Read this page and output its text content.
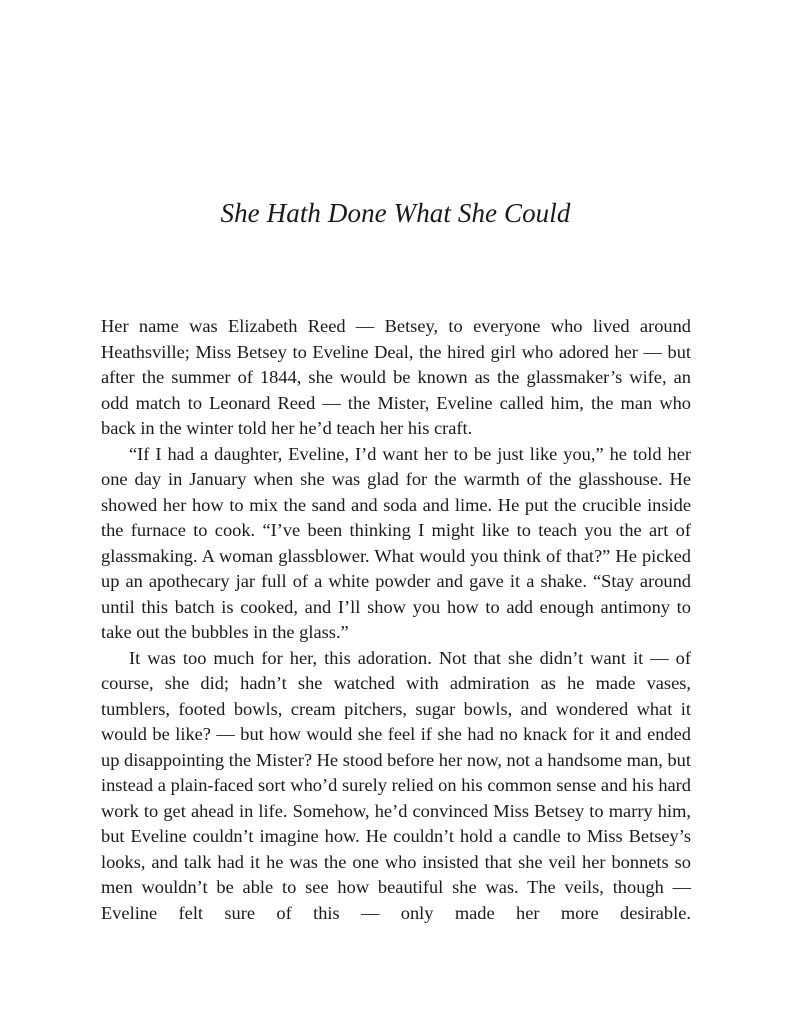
She Hath Done What She Could

Her name was Elizabeth Reed — Betsey, to everyone who lived around Heathsville; Miss Betsey to Eveline Deal, the hired girl who adored her — but after the summer of 1844, she would be known as the glassmaker’s wife, an odd match to Leonard Reed — the Mister, Eveline called him, the man who back in the winter told her he’d teach her his craft.

“If I had a daughter, Eveline, I’d want her to be just like you,” he told her one day in January when she was glad for the warmth of the glasshouse. He showed her how to mix the sand and soda and lime. He put the crucible inside the furnace to cook. “I’ve been thinking I might like to teach you the art of glassmaking. A woman glassblower. What would you think of that?” He picked up an apothecary jar full of a white powder and gave it a shake. “Stay around until this batch is cooked, and I’ll show you how to add enough antimony to take out the bubbles in the glass.”

It was too much for her, this adoration. Not that she didn’t want it — of course, she did; hadn’t she watched with admiration as he made vases, tumblers, footed bowls, cream pitchers, sugar bowls, and wondered what it would be like? — but how would she feel if she had no knack for it and ended up disappointing the Mister? He stood before her now, not a handsome man, but instead a plain-faced sort who’d surely relied on his common sense and his hard work to get ahead in life. Somehow, he’d convinced Miss Betsey to marry him, but Eveline couldn’t imagine how. He couldn’t hold a candle to Miss Betsey’s looks, and talk had it he was the one who insisted that she veil her bonnets so men wouldn’t be able to see how beautiful she was. The veils, though — Eveline felt sure of this — only made her more desirable.
